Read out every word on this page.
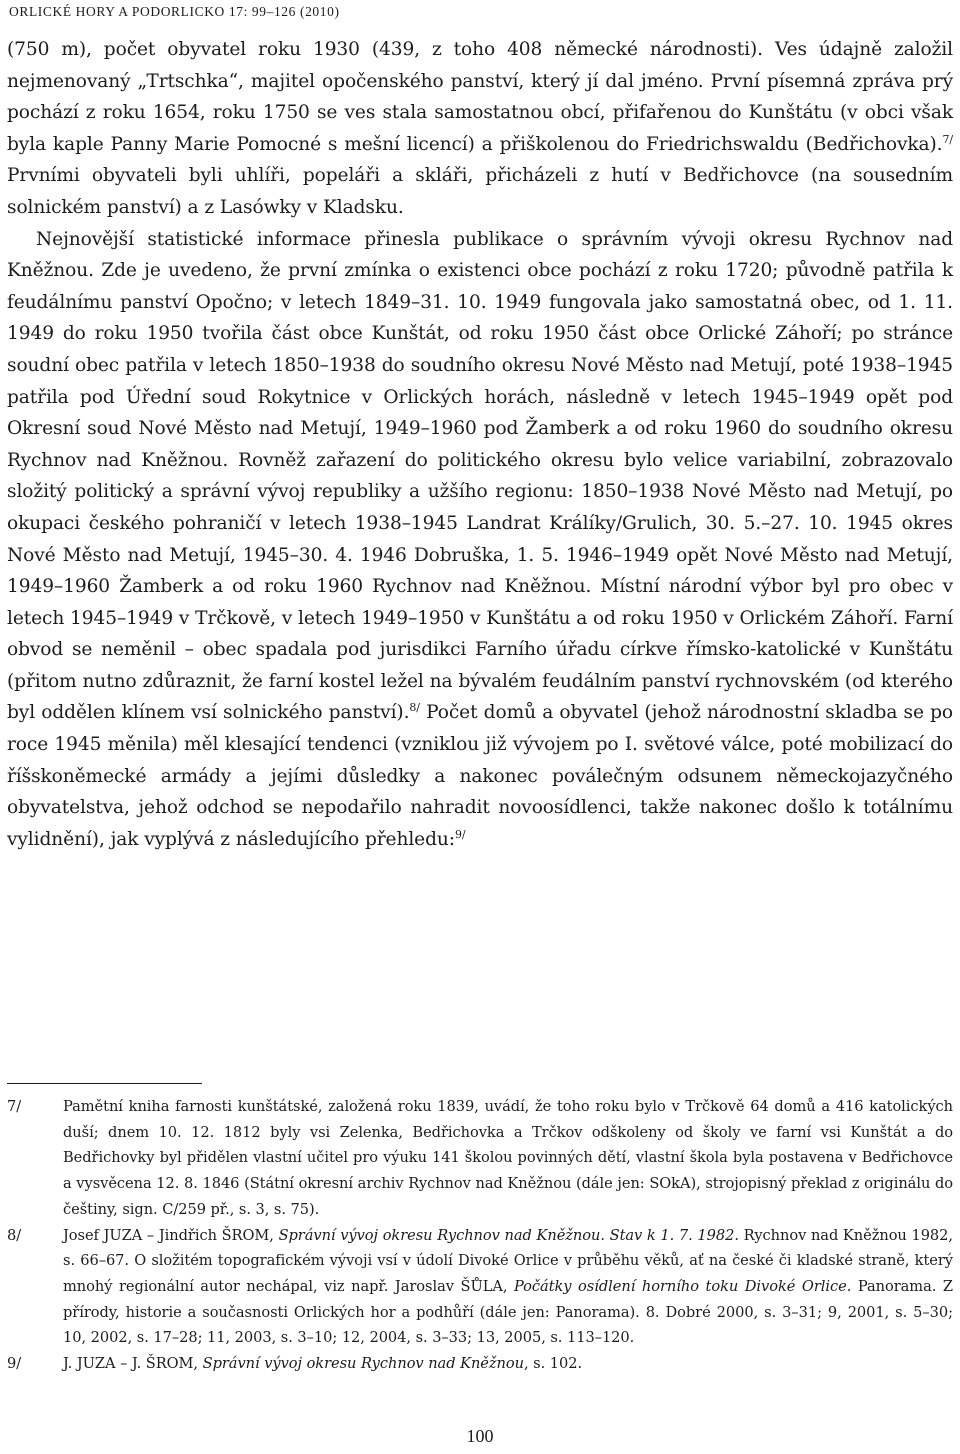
ORLICKÉ HORY A PODORLICKO 17: 99–126 (2010)

(750 m), počet obyvatel roku 1930 (439, z toho 408 německé národnosti). Ves údajně založil nejmenovaný „Trtschka“, majitel opočenského panství, který jí dal jméno. První písemná zpráva prý pochází z roku 1654, roku 1750 se ves stala samostatnou obcí, přifařenou do Kunštátu (v obci však byla kaple Panny Marie Pomocné s mešní licencí) a přiškolenou do Friedrichswaldu (Bedřichovka).$^{7/}$ Prvními obyvateli byli uhlíři, popeláři a skláři, přicházeli z hutí v Bedřichovce (na sousedním solnickém panství) a z Lasówky v Kladsku.

Nejnovější statistické informace přinesla publikace o správním vývoji okresu Rychnov nad Kněžnou. Zde je uvedeno, že první zmínka o existenci obce pochází z roku 1720; původně patřila k feudálnímu panství Opočno; v letech 1849–31. 10. 1949 fungovala jako samostatná obec, od 1. 11. 1949 do roku 1950 tvořila část obce Kunštát, od roku 1950 část obce Orlické Záhoří; po stránce soudní obec patřila v letech 1850–1938 do soudního okresu Nové Město nad Metují, poté 1938–1945 patřila pod Úřední soud Rokytnice v Orlických horách, následně v letech 1945–1949 opět pod Okresní soud Nové Město nad Metují, 1949–1960 pod Žamberk a od roku 1960 do soudního okresu Rychnov nad Kněžnou. Rovněž zařazení do politického okresu bylo velice variabilní, zobrazovalo složitý politický a správní vývoj republiky a užšího regionu: 1850–1938 Nové Město nad Metují, po okupaci českého pohraničí v letech 1938–1945 Landrat Králíky/Grulich, 30. 5.–27. 10. 1945 okres Nové Město nad Metují, 1945–30. 4. 1946 Dobruška, 1. 5. 1946–1949 opět Nové Město nad Metují, 1949–1960 Žamberk a od roku 1960 Rychnov nad Kněžnou. Místní národní výbor byl pro obec v letech 1945–1949 v Trčkově, v letech 1949–1950 v Kunštátu a od roku 1950 v Orlickém Záhoří. Farní obvod se neměnil – obec spadala pod jurisdikci Farního úřadu církve římsko-katolické v Kunštátu (přitom nutno zdůraznit, že farní kostel ležel na bývalém feudálním panství rychnovském (od kterého byl oddělen klínem vsí solnického panství).$^{8/}$ Počet domů a obyvatel (jehož národnostní skladba se po roce 1945 měnila) měl klesající tendenci (vzniklou již vývojem po I. světové válce, poté mobilizací do říšskoněmecké armády a jejími důsledky a nakonec poválečným odsunem německojazyčného obyvatelstva, jehož odchod se nepodařilo nahradit novoosídlenci, takže nakonec došlo k totálnímu vylidnění), jak vyplývá z následujícího přehledu:$^{9/}$

7/	Pamětní kniha farnosti kunštátské, založená roku 1839, uvádí, že toho roku bylo v Trčkově 64 domů a 416 katolických duší; dnem 10. 12. 1812 byly vsi Zelenka, Bedřichovka a Trčkov odškoleny od školy ve farní vsi Kunštát a do Bedřichovky byl přidělen vlastní učitel pro výuku 141 školou povinných dětí, vlastní škola byla postavena v Bedřichovce a vysvěcena 12. 8. 1846 (Státní okresní archiv Rychnov nad Kněžnou (dále jen: SOkA), strojopisný překlad z originálu do češtiny, sign. C/259 př., s. 3, s. 75).
8/	Josef JUZA – Jindřich ŠROM, Správní vývoj okresu Rychnov nad Kněžnou. Stav k 1. 7. 1982. Rychnov nad Kněžnou 1982, s. 66–67. O složitém topografickém vývoji vsí v údolí Divoké Orlice v průběhu věků, ať na české či kladské straně, který mnohý regionální autor nechápal, viz např. Jaroslav ŠŮLA, Počátky osídlení horního toku Divoké Orlice. Panorama. Z přírody, historie a současnosti Orlických hor a podhůří (dále jen: Panorama). 8. Dobré 2000, s. 3–31; 9, 2001, s. 5–30; 10, 2002, s. 17–28; 11, 2003, s. 3–10; 12, 2004, s. 3–33; 13, 2005, s. 113–120.
9/	J. JUZA – J. ŠROM, Správní vývoj okresu Rychnov nad Kněžnou, s. 102.
100
